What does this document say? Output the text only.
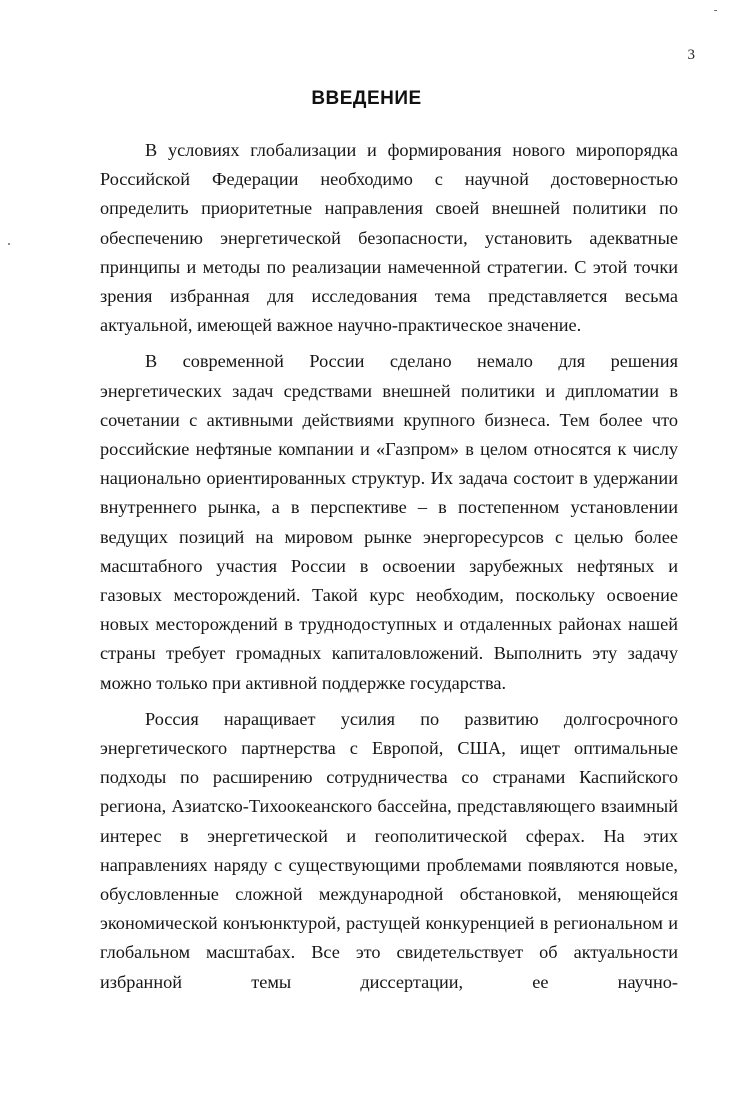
3
ВВЕДЕНИЕ

В условиях глобализации и формирования нового миропорядка Российской Федерации необходимо с научной достоверностью определить приоритетные направления своей внешней политики по обеспечению энергетической безопасности, установить адекватные принципы и методы по реализации намеченной стратегии. С этой точки зрения избранная для исследования тема представляется весьма актуальной, имеющей важное научно-практическое значение.

В современной России сделано немало для решения энергетических задач средствами внешней политики и дипломатии в сочетании с активными действиями крупного бизнеса. Тем более что российские нефтяные компании и «Газпром» в целом относятся к числу национально ориентированных структур. Их задача состоит в удержании внутреннего рынка, а в перспективе – в постепенном установлении ведущих позиций на мировом рынке энергоресурсов с целью более масштабного участия России в освоении зарубежных нефтяных и газовых месторождений. Такой курс необходим, поскольку освоение новых месторождений в труднодоступных и отдаленных районах нашей страны требует громадных капиталовложений. Выполнить эту задачу можно только при активной поддержке государства.

Россия наращивает усилия по развитию долгосрочного энергетического партнерства с Европой, США, ищет оптимальные подходы по расширению сотрудничества со странами Каспийского региона, Азиатско-Тихоокеанского бассейна, представляющего взаимный интерес в энергетической и геополитической сферах. На этих направлениях наряду с существующими проблемами появляются новые, обусловленные сложной международной обстановкой, меняющейся экономической конъюнктурой, растущей конкуренцией в региональном и глобальном масштабах. Все это свидетельствует об актуальности избранной темы диссертации, ее научно-
